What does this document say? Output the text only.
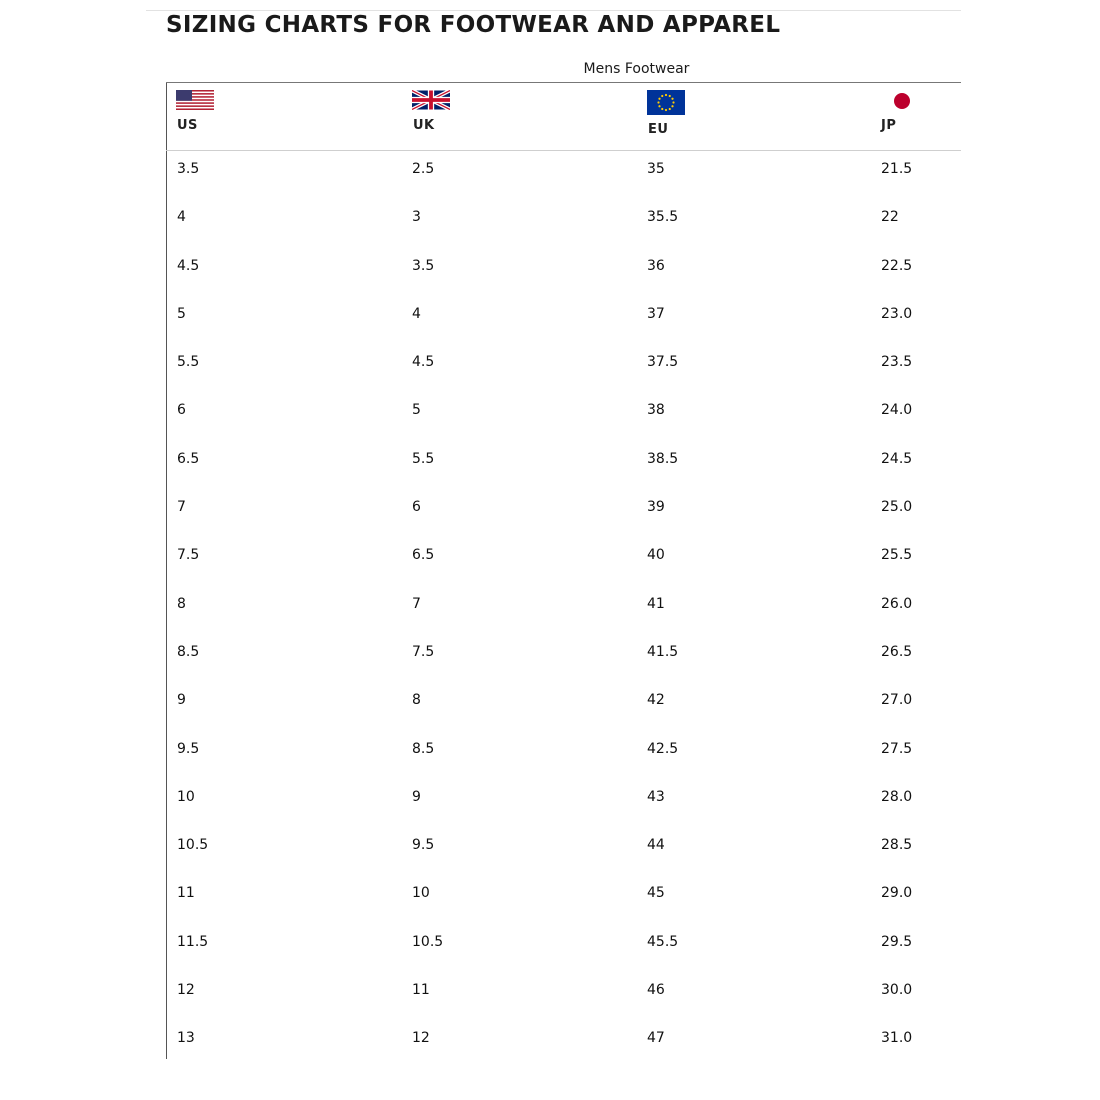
SIZING CHARTS FOR FOOTWEAR AND APPAREL
Mens Footwear
US	UK	EU	JP
3.5	2.5	35	21.5
4	3	35.5	22
4.5	3.5	36	22.5
5	4	37	23.0
5.5	4.5	37.5	23.5
6	5	38	24.0
6.5	5.5	38.5	24.5
7	6	39	25.0
7.5	6.5	40	25.5
8	7	41	26.0
8.5	7.5	41.5	26.5
9	8	42	27.0
9.5	8.5	42.5	27.5
10	9	43	28.0
10.5	9.5	44	28.5
11	10	45	29.0
11.5	10.5	45.5	29.5
12	11	46	30.0
13	12	47	31.0
